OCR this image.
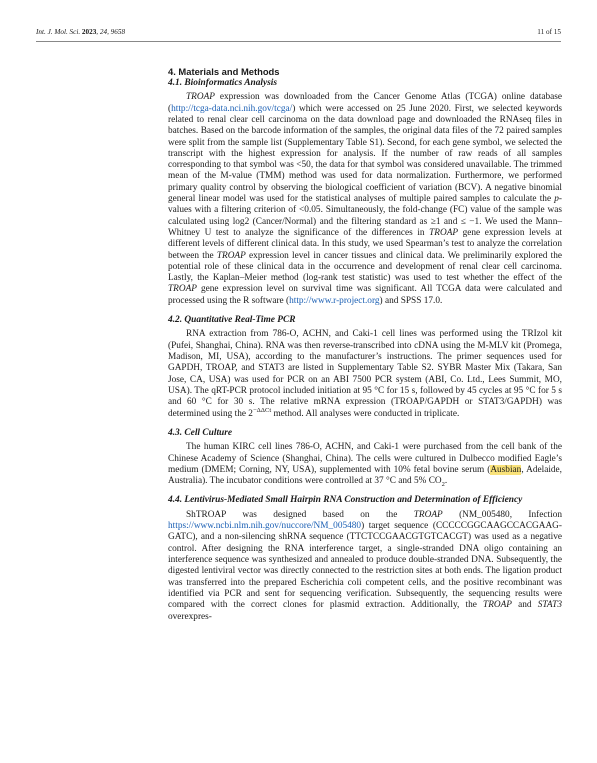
Int. J. Mol. Sci. 2023, 24, 9658	11 of 15
4. Materials and Methods
4.1. Bioinformatics Analysis

TROAP expression was downloaded from the Cancer Genome Atlas (TCGA) online database (http://tcga-data.nci.nih.gov/tcga/) which were accessed on 25 June 2020. First, we selected keywords related to renal clear cell carcinoma on the data download page and downloaded the RNAseq files in batches. Based on the barcode information of the samples, the original data files of the 72 paired samples were split from the sample list (Supplementary Table S1). Second, for each gene symbol, we selected the transcript with the highest expression for analysis. If the number of raw reads of all samples corresponding to that symbol was <50, the data for that symbol was considered unavailable. The trimmed mean of the M-value (TMM) method was used for data normalization. Furthermore, we performed primary quality control by observing the biological coefficient of variation (BCV). A negative binomial general linear model was used for the statistical analyses of multiple paired samples to calculate the p-values with a filtering criterion of <0.05. Simultaneously, the fold-change (FC) value of the sample was calculated using log2 (Cancer/Normal) and the filtering standard as ≥1 and ≤ −1. We used the Mann–Whitney U test to analyze the significance of the differences in TROAP gene expression levels at different levels of different clinical data. In this study, we used Spearman’s test to analyze the correlation between the TROAP expression level in cancer tissues and clinical data. We preliminarily explored the potential role of these clinical data in the occurrence and development of renal clear cell carcinoma. Lastly, the Kaplan–Meier method (log-rank test statistic) was used to test whether the effect of the TROAP gene expression level on survival time was significant. All TCGA data were calculated and processed using the R software (http://www.r-project.org) and SPSS 17.0.

4.2. Quantitative Real-Time PCR

RNA extraction from 786-O, ACHN, and Caki-1 cell lines was performed using the TRIzol kit (Pufei, Shanghai, China). RNA was then reverse-transcribed into cDNA using the M-MLV kit (Promega, Madison, MI, USA), according to the manufacturer’s instructions. The primer sequences used for GAPDH, TROAP, and STAT3 are listed in Supplementary Table S2. SYBR Master Mix (Takara, San Jose, CA, USA) was used for PCR on an ABI 7500 PCR system (ABI, Co. Ltd., Lees Summit, MO, USA). The qRT-PCR protocol included initiation at 95 °C for 15 s, followed by 45 cycles at 95 °C for 5 s and 60 °C for 30 s. The relative mRNA expression (TROAP/GAPDH or STAT3/GAPDH) was determined using the $2^{-\Delta\Delta Ct}$ method. All analyses were conducted in triplicate.

4.3. Cell Culture

The human KIRC cell lines 786-O, ACHN, and Caki-1 were purchased from the cell bank of the Chinese Academy of Science (Shanghai, China). The cells were cultured in Dulbecco modified Eagle’s medium (DMEM; Corning, NY, USA), supplemented with 10% fetal bovine serum (Ausbian, Adelaide, Australia). The incubator conditions were controlled at 37 °C and 5% $CO_2$.

4.4. Lentivirus-Mediated Small Hairpin RNA Construction and Determination of Efficiency

ShTROAP was designed based on the TROAP (NM_005480, Infection https://www.ncbi.nlm.nih.gov/nuccore/NM_005480) target sequence (CCCCCGGCAAGCCACGAAG-GATC), and a non-silencing shRNA sequence (TTCTCCGAACGTGTCACGT) was used as a negative control. After designing the RNA interference target, a single-stranded DNA oligo containing an interference sequence was synthesized and annealed to produce double-stranded DNA. Subsequently, the digested lentiviral vector was directly connected to the restriction sites at both ends. The ligation product was transferred into the prepared Escherichia coli competent cells, and the positive recombinant was identified via PCR and sent for sequencing verification. Subsequently, the sequencing results were compared with the correct clones for plasmid extraction. Additionally, the TROAP and STAT3 overexpres-
